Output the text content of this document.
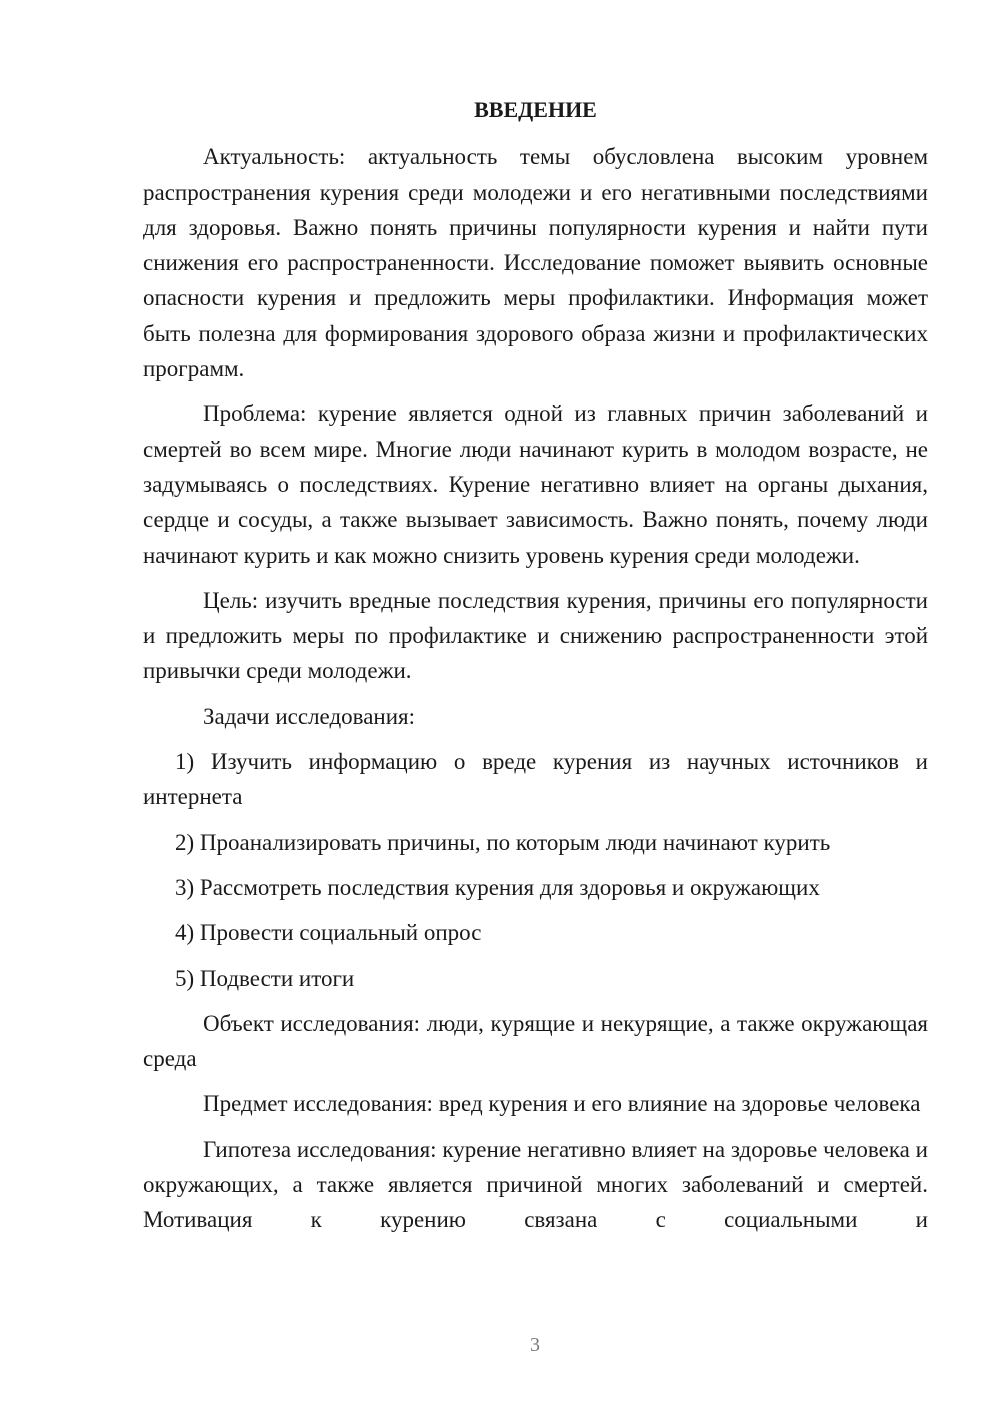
ВВЕДЕНИЕ

Актуальность: актуальность темы обусловлена высоким уровнем распространения курения среди молодежи и его негативными последствиями для здоровья. Важно понять причины популярности курения и найти пути снижения его распространенности. Исследование поможет выявить основные опасности курения и предложить меры профилактики. Информация может быть полезна для формирования здорового образа жизни и профилактических программ.

Проблема: курение является одной из главных причин заболеваний и смертей во всем мире. Многие люди начинают курить в молодом возрасте, не задумываясь о последствиях. Курение негативно влияет на органы дыхания, сердце и сосуды, а также вызывает зависимость. Важно понять, почему люди начинают курить и как можно снизить уровень курения среди молодежи.

Цель: изучить вредные последствия курения, причины его популярности и предложить меры по профилактике и снижению распространенности этой привычки среди молодежи.

Задачи исследования:

1) Изучить информацию о вреде курения из научных источников и интернета

2) Проанализировать причины, по которым люди начинают курить

3) Рассмотреть последствия курения для здоровья и окружающих

4) Провести социальный опрос

5) Подвести итоги

Объект исследования: люди, курящие и некурящие, а также окружающая среда

Предмет исследования: вред курения и его влияние на здоровье человека

Гипотеза исследования: курение негативно влияет на здоровье человека и окружающих, а также является причиной многих заболеваний и смертей. Мотивация к курению связана с социальными и

3
